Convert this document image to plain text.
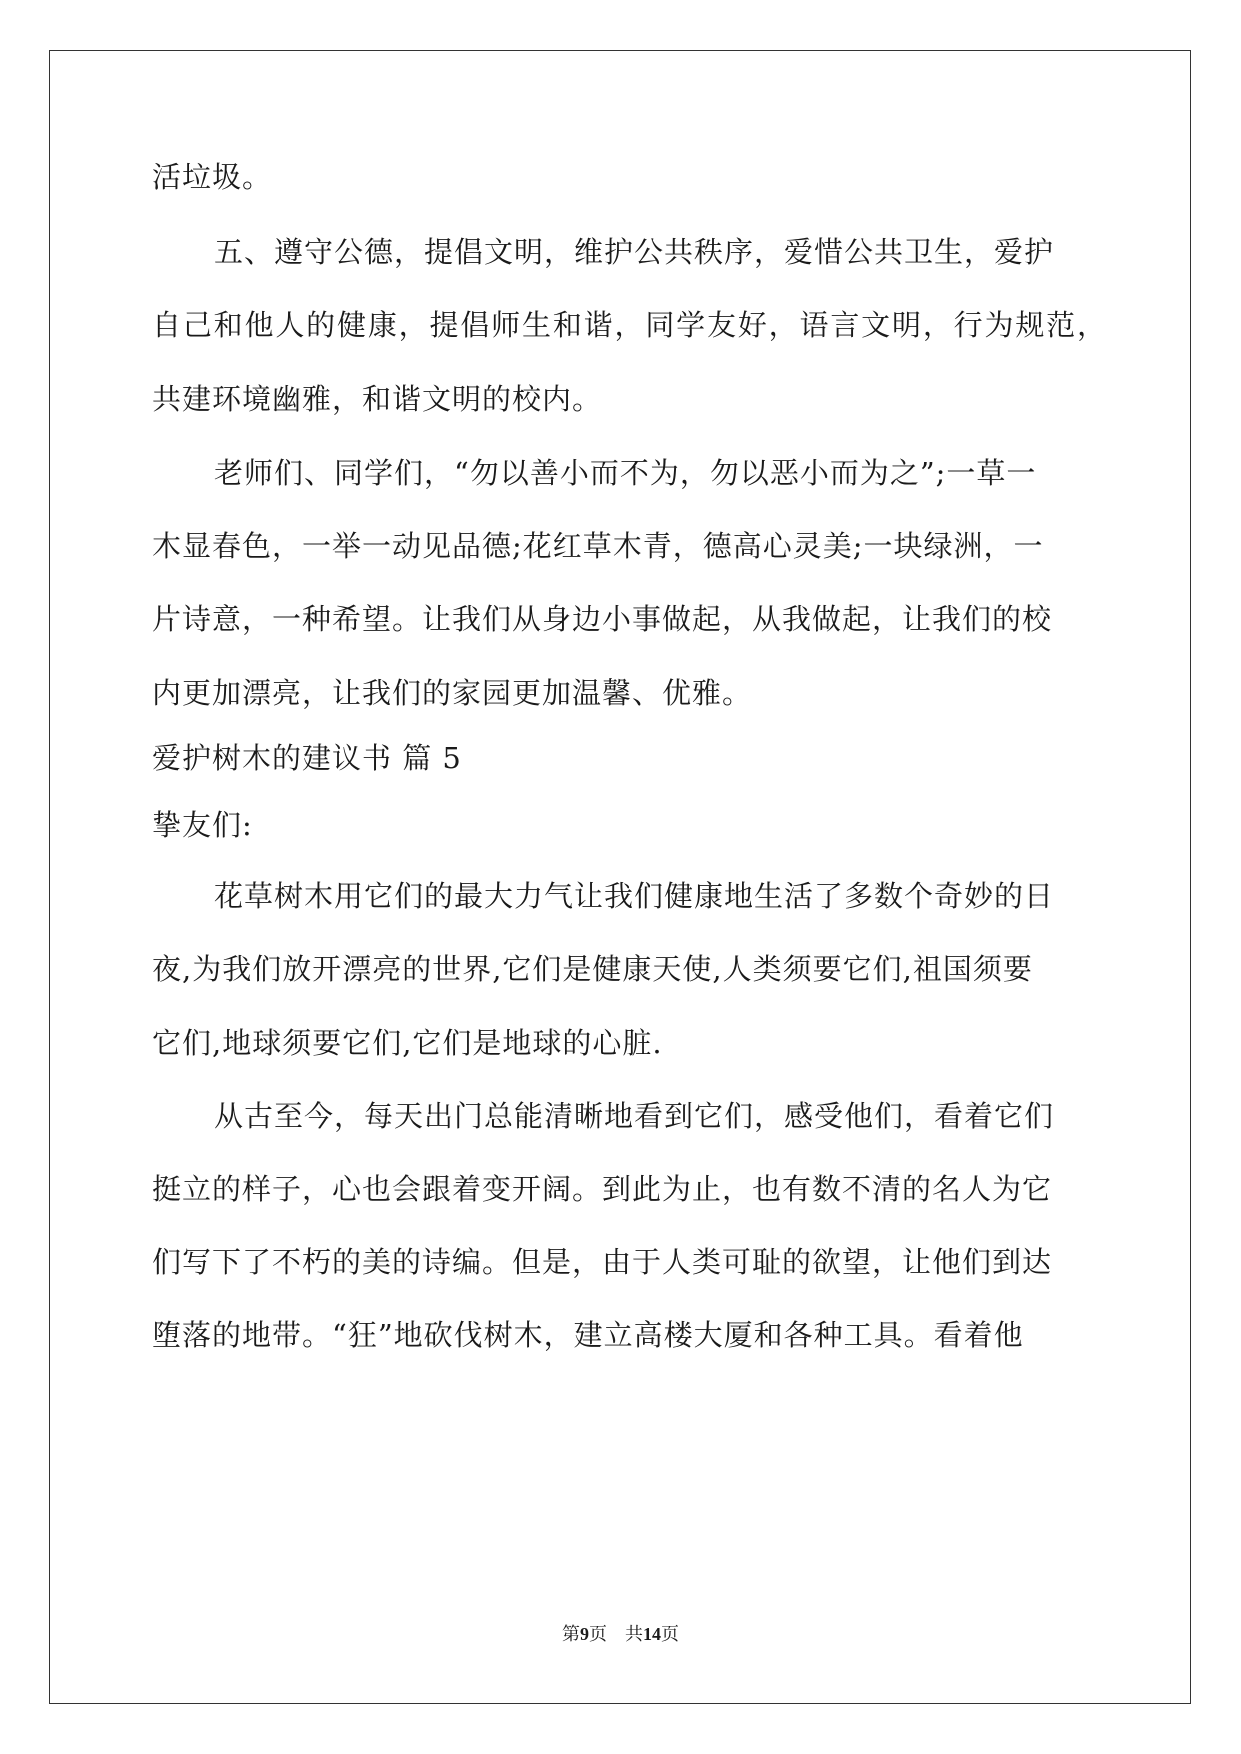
活垃圾。
五、遵守公德，提倡文明，维护公共秩序，爱惜公共卫生，爱护
自己和他人的健康，提倡师生和谐，同学友好，语言文明，行为规范，
共建环境幽雅，和谐文明的校内。
老师们、同学们，“勿以善小而不为，勿以恶小而为之”;一草一
木显春色，一举一动见品德;花红草木青，德高心灵美;一块绿洲，一
片诗意，一种希望。让我们从身边小事做起，从我做起，让我们的校
内更加漂亮，让我们的家园更加温馨、优雅。
爱护树木的建议书 篇 5
挚友们:
花草树木用它们的最大力气让我们健康地生活了多数个奇妙的日
夜,为我们放开漂亮的世界,它们是健康天使,人类须要它们,祖国须要
它们,地球须要它们,它们是地球的心脏.
从古至今，每天出门总能清晰地看到它们，感受他们，看着它们
挺立的样子，心也会跟着变开阔。到此为止，也有数不清的名人为它
们写下了不朽的美的诗编。但是，由于人类可耻的欲望，让他们到达
堕落的地带。“狂”地砍伐树木，建立高楼大厦和各种工具。看着他
第9页 共14页
